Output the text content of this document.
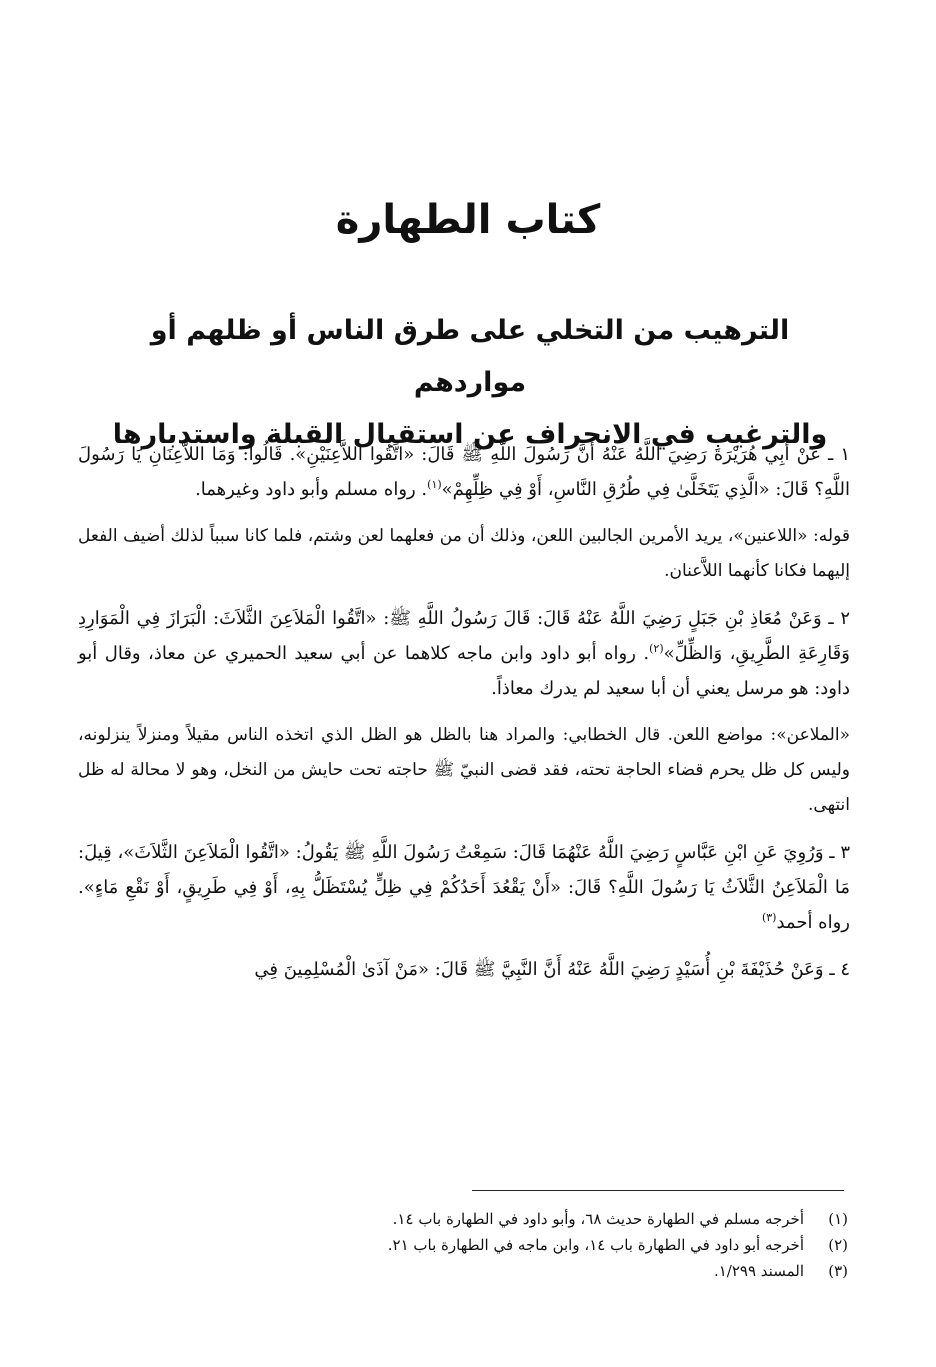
كتاب الطهارة
الترهيب من التخلي على طرق الناس أو ظلهم أو مواردهم
والترغيب في الانحراف عن استقبال القبلة واستدبارها

١ ـ عَنْ أَبِي هُرَيْرَةَ رَضِيَ اللَّهُ عَنْهُ أَنَّ رَسُولَ اللَّهِ ﷺ قَالَ: «اتَّقُوا اللاَّعِنَيْنِ». قَالُوا: وَمَا اللاَّعِنَانِ يَا رَسُولَ اللَّهِ؟ قَالَ: «الَّذِي يَتَخَلَّىٰ فِي طُرُقِ النَّاسِ، أَوْ فِي ظِلِّهِمْ»$^{(١)}$. رواه مسلم وأبو داود وغيرهما.

قوله: «اللاعنين»، يريد الأمرين الجالبين اللعن، وذلك أن من فعلهما لعن وشتم، فلما كانا سبباً لذلك أضيف الفعل إليهما فكانا كأنهما اللاَّعنان.

٢ ـ وَعَنْ مُعَاذِ بْنِ جَبَلٍ رَضِيَ اللَّهُ عَنْهُ قَالَ: قَالَ رَسُولُ اللَّهِ ﷺ: «اتَّقُوا الْمَلاَعِنَ الثَّلاَثَ: الْبَرَازَ فِي الْمَوَارِدِ وَقَارِعَةِ الطَّرِيقِ، وَالظِّلِّ»$^{(٢)}$. رواه أبو داود وابن ماجه كلاهما عن أبي سعيد الحميري عن معاذ، وقال أبو داود: هو مرسل يعني أن أبا سعيد لم يدرك معاذاً.

«الملاعن»: مواضع اللعن. قال الخطابي: والمراد هنا بالظل هو الظل الذي اتخذه الناس مقيلاً ومنزلاً ينزلونه، وليس كل ظل يحرم قضاء الحاجة تحته، فقد قضى النبيّ ﷺ حاجته تحت حايش من النخل، وهو لا محالة له ظل انتهى.

٣ ـ وَرُوِيَ عَنِ ابْنِ عَبَّاسٍ رَضِيَ اللَّهُ عَنْهُمَا قَالَ: سَمِعْتُ رَسُولَ اللَّهِ ﷺ يَقُولُ: «اتَّقُوا الْمَلاَعِنَ الثَّلاَثَ»، قِيلَ: مَا الْمَلاَعِنُ الثَّلاَثُ يَا رَسُولَ اللَّهِ؟ قَالَ: «أَنْ يَقْعُدَ أَحَدُكُمْ فِي ظِلٍّ يُسْتَظَلُّ بِهِ، أَوْ فِي طَرِيقٍ، أَوْ نَقْعِ مَاءٍ». رواه أحمد$^{(٣)}$

٤ ـ وَعَنْ حُذَيْفَةَ بْنِ أُسَيْدٍ رَضِيَ اللَّهُ عَنْهُ أَنَّ النَّبِيَّ ﷺ قَالَ: «مَنْ آذَىٰ الْمُسْلِمِينَ فِي

(١)أخرجه مسلم في الطهارة حديث ٦٨، وأبو داود في الطهارة باب ١٤.
(٢)أخرجه أبو داود في الطهارة باب ١٤، وابن ماجه في الطهارة باب ٢١.
(٣)المسند ١/٢٩٩.
